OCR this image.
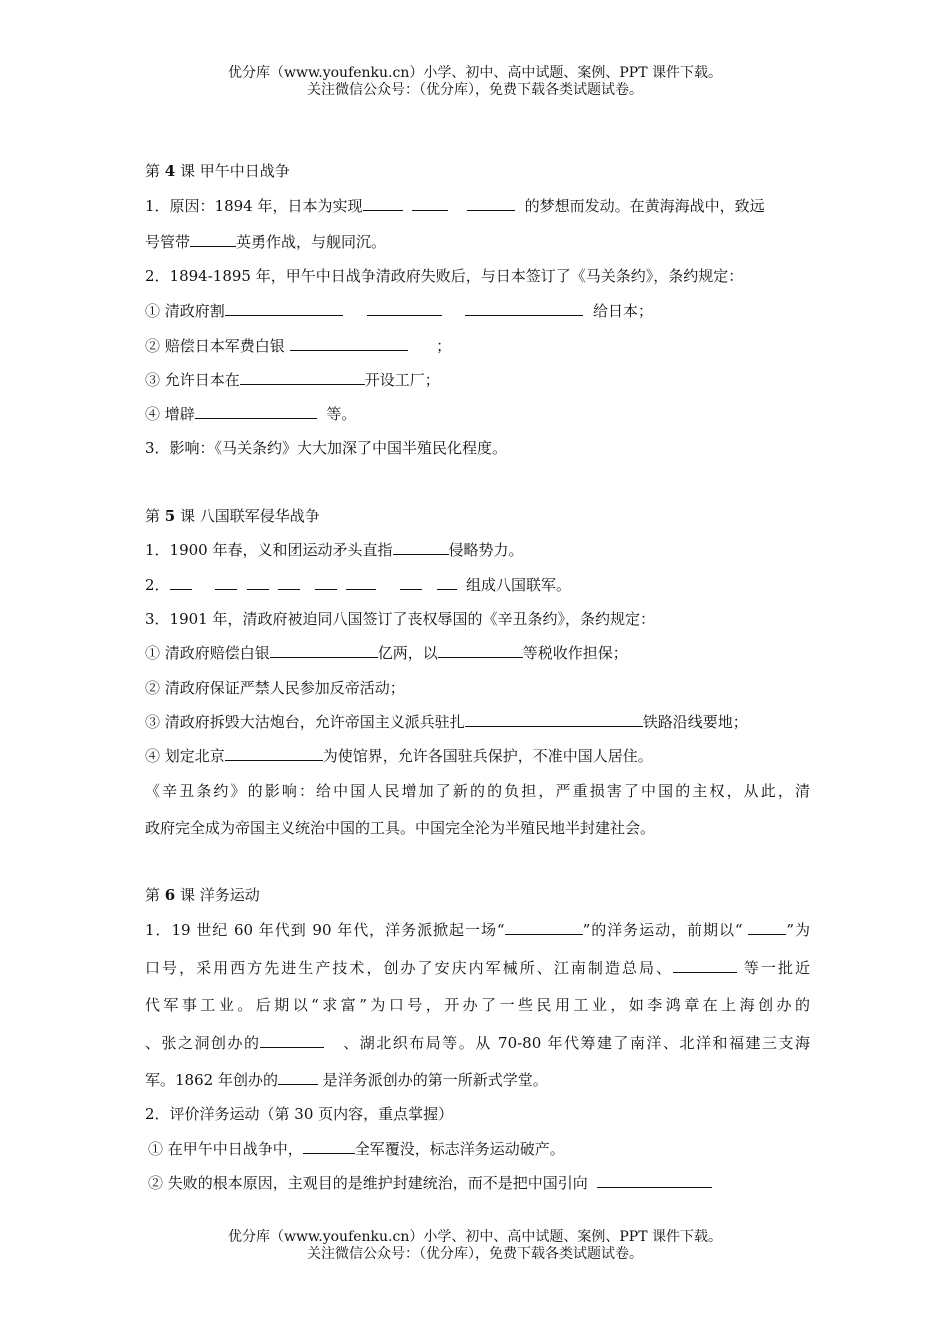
优分库（www.youfenku.cn）小学、初中、高中试题、案例、PPT 课件下载。
关注微信公众号：（优分库），免费下载各类试题试卷。
第 4 课 甲午中日战争
1．原因：1894 年，日本为实现	的梦想而发动。在黄海海战中，致远
号管带	英勇作战，与舰同沉。
2．1894-1895 年，甲午中日战争清政府失败后，与日本签订了《马关条约》，条约规定：
① 清政府割	给日本；
② 赔偿日本军费白银	；
③ 允许日本在	开设工厂；
④ 增辟	等。
3．影响：《马关条约》大大加深了中国半殖民化程度。
第 5 课 八国联军侵华战争
1．1900 年春，义和团运动矛头直指	侵略势力。
2．	组成八国联军。
3．1901 年，清政府被迫同八国签订了丧权辱国的《辛丑条约》，条约规定：
① 清政府赔偿白银	亿两，以	等税收作担保；
② 清政府保证严禁人民参加反帝活动；
③ 清政府拆毁大沽炮台，允许帝国主义派兵驻扎	铁路沿线要地；
④ 划定北京	为使馆界，允许各国驻兵保护，不准中国人居住。
《辛丑条约》的影响：给中国人民增加了新的的负担，严重损害了中国的主权，从此，清
政府完全成为帝国主义统治中国的工具。中国完全沦为半殖民地半封建社会。
第 6 课 洋务运动
1．19 世纪 60 年代到 90 年代，洋务派掀起一场“	”的洋务运动，前期以“	”为
口号，采用西方先进生产技术，创办了安庆内军械所、江南制造总局、	等一批近
代军事工业。后期以“求富”为口号，开办了一些民用工业，如李鸿章在上海创办的
、张之洞创办的	、湖北织布局等。从 70-80 年代筹建了南洋、北洋和福建三支海
军。1862 年创办的	是洋务派创办的第一所新式学堂。
2．评价洋务运动（第 30 页内容，重点掌握）
① 在甲午中日战争中，	全军覆没，标志洋务运动破产。
② 失败的根本原因，主观目的是维护封建统治，而不是把中国引向
优分库（www.youfenku.cn）小学、初中、高中试题、案例、PPT 课件下载。
关注微信公众号：（优分库），免费下载各类试题试卷。
